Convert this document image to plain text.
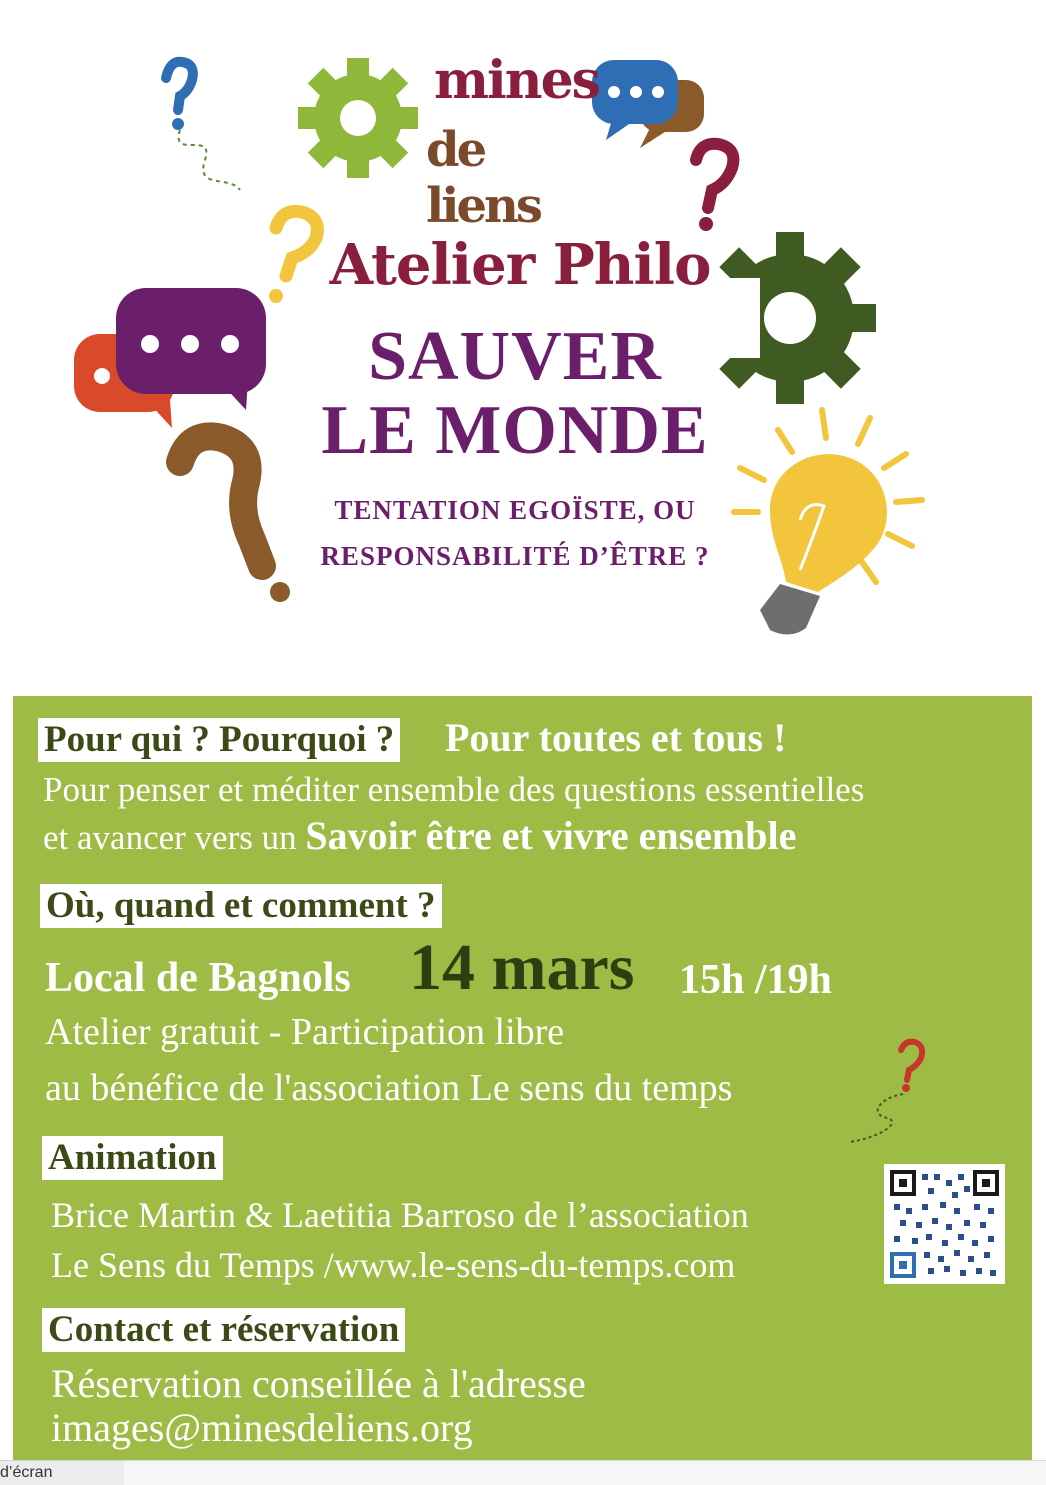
mines
de liens
Atelier Philo
SAUVER
LE MONDE
TENTATION EGOÏSTE, OU
RESPONSABILITÉ D’ÊTRE ?
Pour qui ? Pourquoi ? Pour toutes et tous !
Pour penser et méditer ensemble des questions essentielles
et avancer vers un Savoir être et vivre ensemble
Où, quand et comment ?
Local de Bagnols 14 mars 15h /19h
Atelier gratuit - Participation libre
au bénéfice de l'association Le sens du temps
Animation
Brice Martin & Laetitia Barroso de l’association
Le Sens du Temps /www.le-sens-du-temps.com
Contact et réservation
Réservation conseillée à l'adresse
images@minesdeliens.org
d’écran
